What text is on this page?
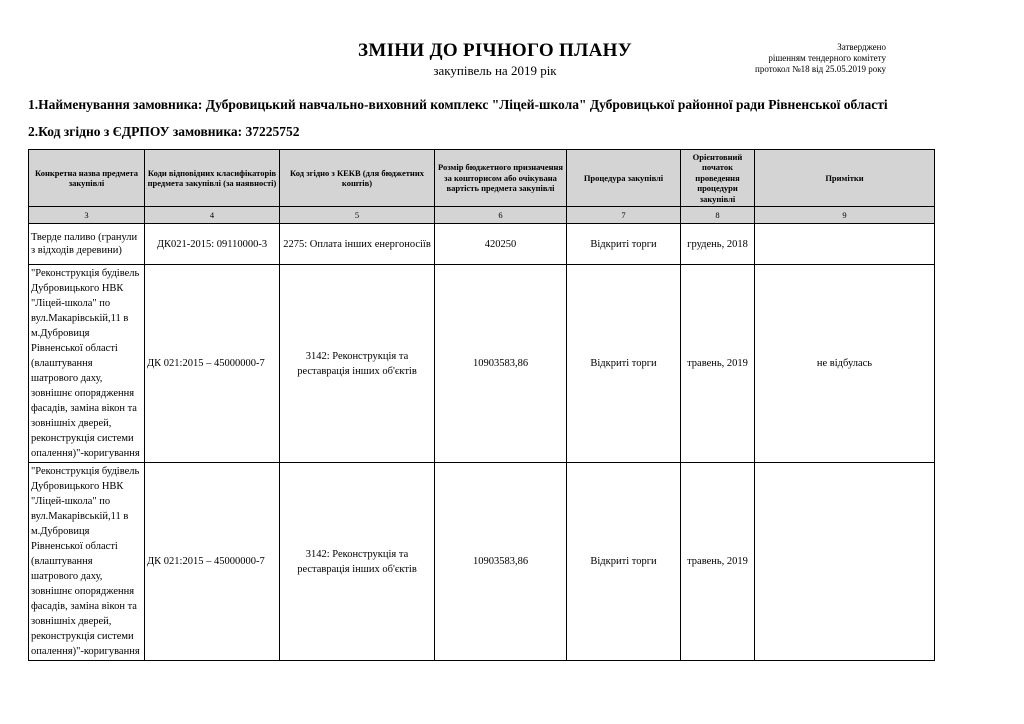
ЗМІНИ ДО РІЧНОГО ПЛАНУ
закупівель на 2019 рік
Затверджено
рішенням тендерного комітету
протокол №18 від 25.05.2019 року
1.Найменування замовника: Дубровицький навчально-виховний комплекс "Ліцей-школа" Дубровицької районної ради Рівненської області
2.Код згідно з ЄДРПОУ замовника: 37225752
Конкретна назва предмета закупівлі	Коди відповідних класифікаторів предмета закупівлі (за наявності)	Код згідно з КЕКВ (для бюджетних коштів)	Розмір бюджетного призначення за кошторисом або очікувана вартість предмета закупівлі	Процедура закупівлі	Орієнтовний початок проведення процедури закупівлі	Примітки
3	4	5	6	7	8	9
Тверде паливо (гранули з відходів деревини)	ДК021-2015: 09110000-3	2275: Оплата інших енергоносіїв	420250	Відкриті торги	грудень, 2018	
"Реконструкція будівель Дубровицького НВК "Ліцей-школа" по вул.Макарівській,11 в м.Дубровиця Рівненської області (влаштування шатрового даху, зовнішнє опорядження фасадів, заміна вікон та зовнішніх дверей, реконструкція системи опалення)"-коригування	ДК 021:2015 – 45000000-7	3142: Реконструкція та реставрація інших об'єктів	10903583,86	Відкриті торги	травень, 2019	не відбулась
"Реконструкція будівель Дубровицького НВК "Ліцей-школа" по вул.Макарівській,11 в м.Дубровиця Рівненської області (влаштування шатрового даху, зовнішнє опорядження фасадів, заміна вікон та зовнішніх дверей, реконструкція системи опалення)"-коригування	ДК 021:2015 – 45000000-7	3142: Реконструкція та реставрація інших об'єктів	10903583,86	Відкриті торги	травень, 2019	
